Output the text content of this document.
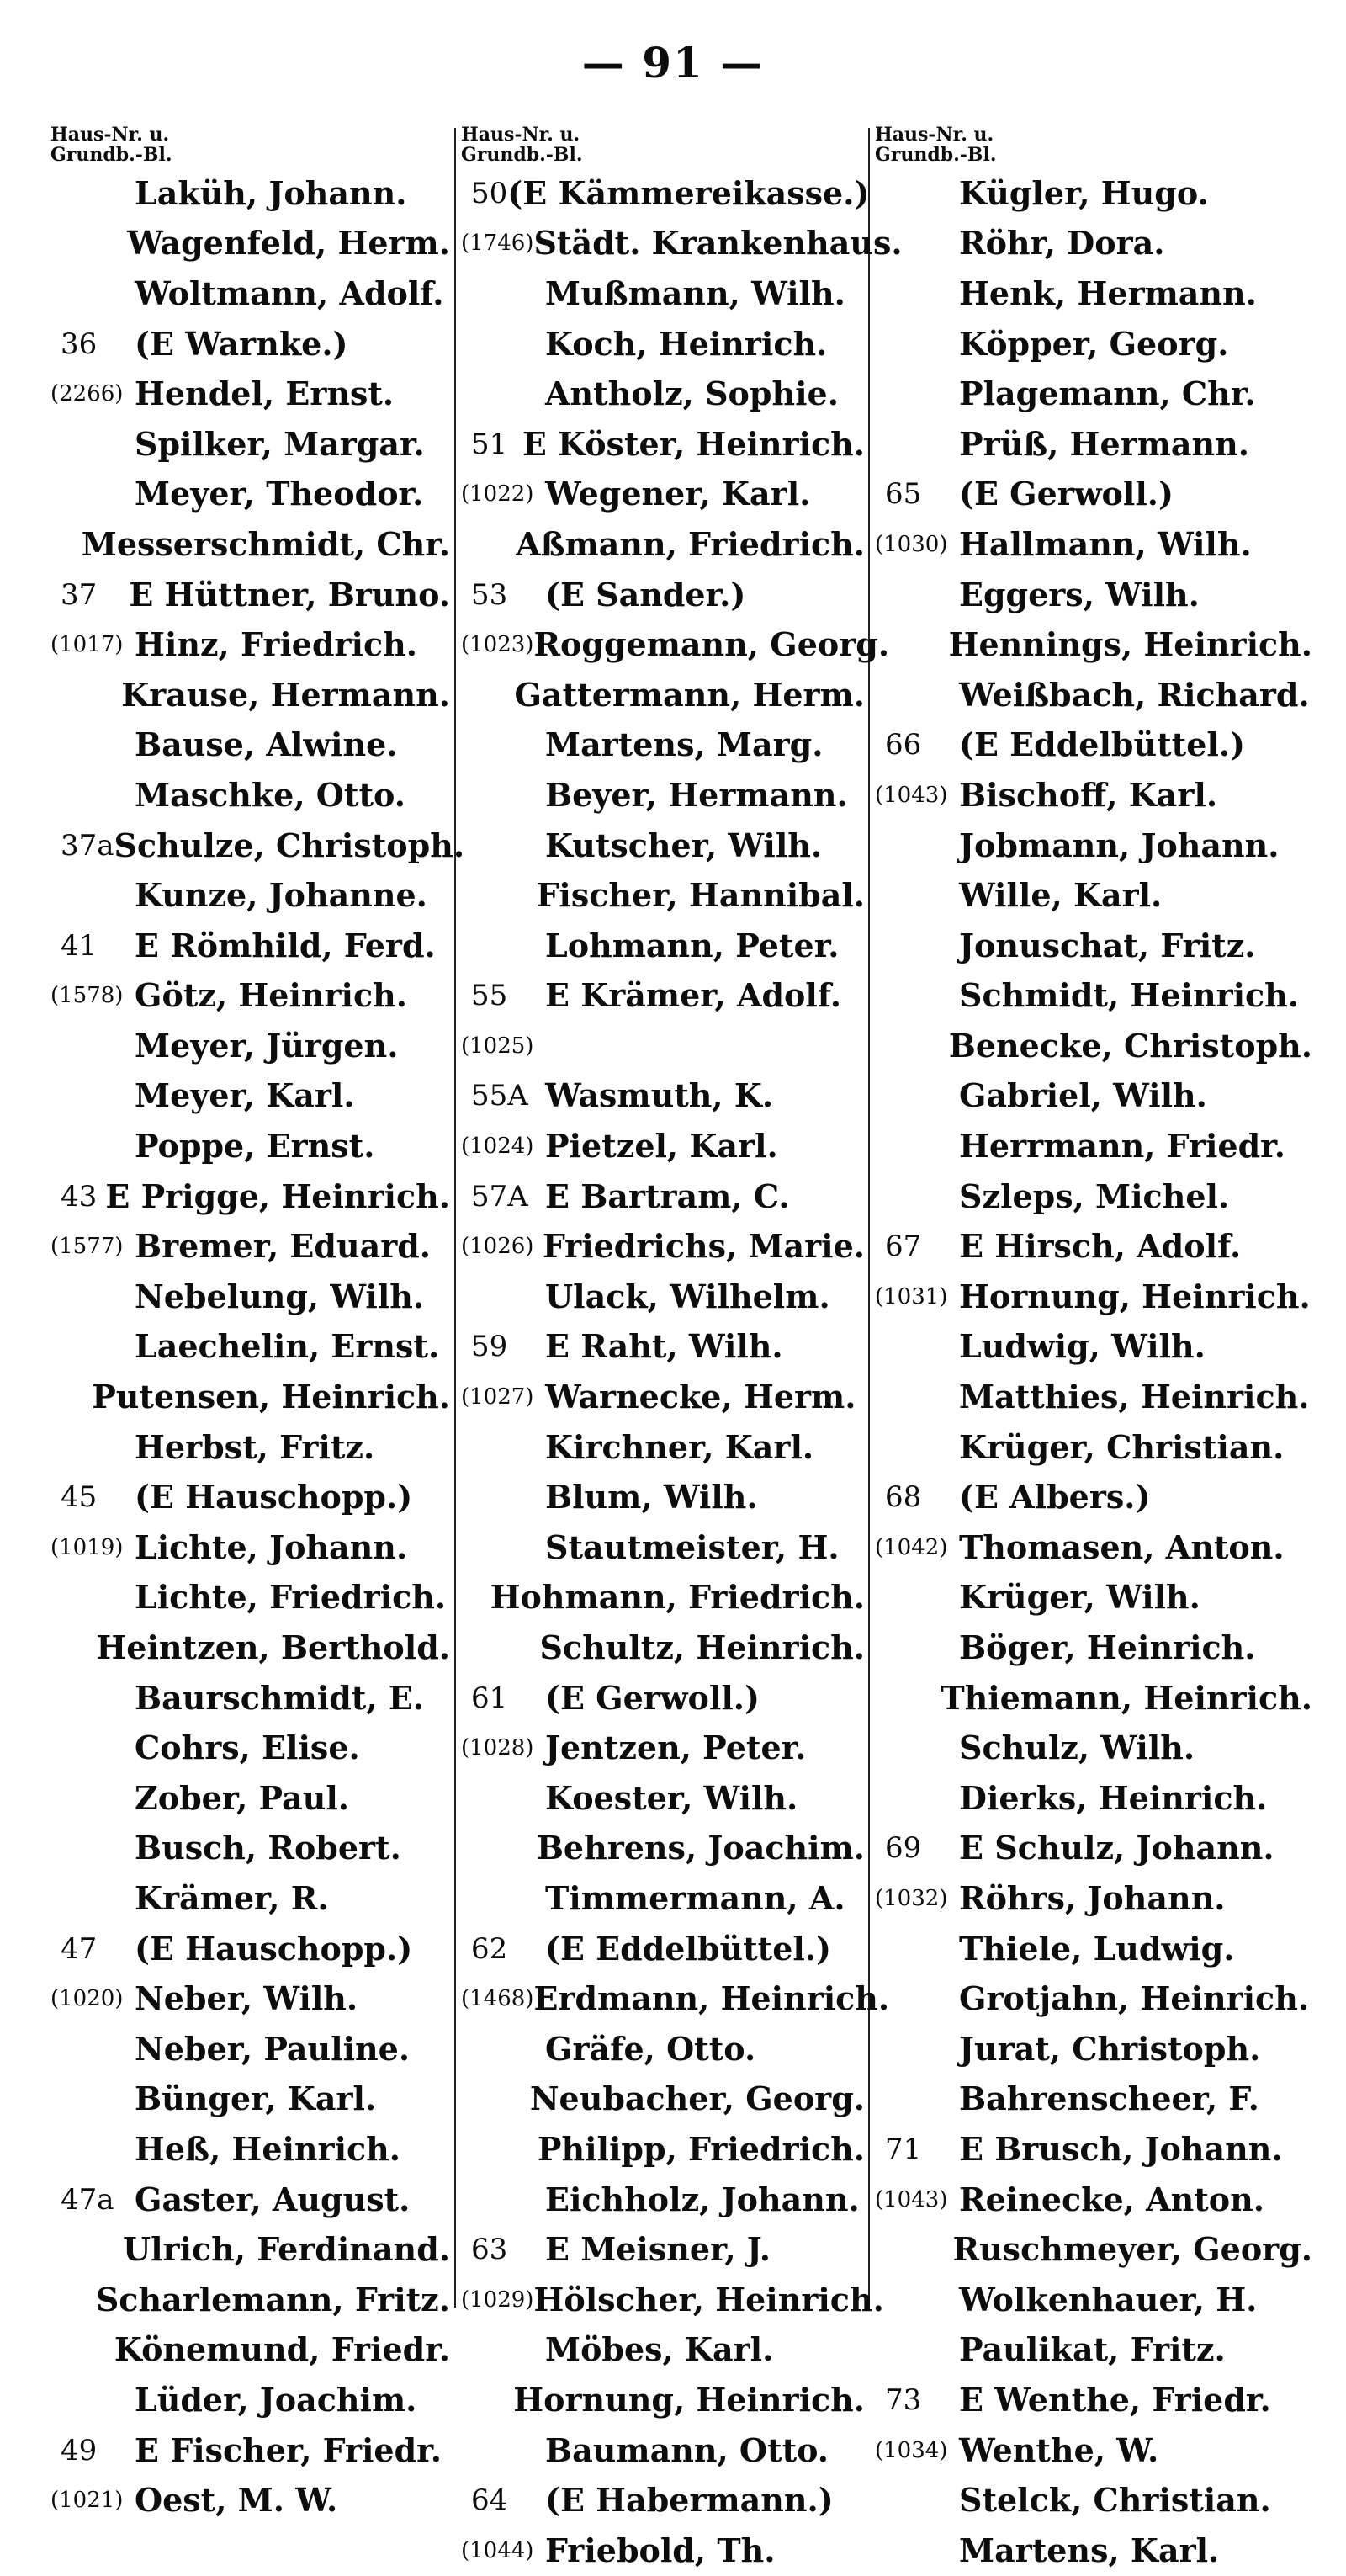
— 91 —
Haus-Nr. u.
Grundb.-Bl.
Laküh, Johann.
Wagenfeld, Herm.
Woltmann, Adolf.
36	(E Warnke.)
(2266) Hendel, Ernst.
Spilker, Margar.
Meyer, Theodor.
Messerschmidt, Chr.
37	E Hüttner, Bruno.
(1017) Hinz, Friedrich.
Krause, Hermann.
Bause, Alwine.
Maschke, Otto.
37a Schulze, Christoph.
Kunze, Johanne.
41	E Römhild, Ferd.
(1578) Götz, Heinrich.
Meyer, Jürgen.
Meyer, Karl.
Poppe, Ernst.
43 E Prigge, Heinrich.
(1577) Bremer, Eduard.
Nebelung, Wilh.
Laechelin, Ernst.
Putensen, Heinrich.
Herbst, Fritz.
45	(E Hauschopp.)
(1019) Lichte, Johann.
Lichte, Friedrich.
Heintzen, Berthold.
Baurschmidt, E.
Cohrs, Elise.
Zober, Paul.
Busch, Robert.
Krämer, R.
47	(E Hauschopp.)
(1020) Neber, Wilh.
Neber, Pauline.
Bünger, Karl.
Heß, Heinrich.
47a Gaster, August.
Ulrich, Ferdinand.
Scharlemann, Fritz.
Könemund, Friedr.
Lüder, Joachim.
49	E Fischer, Friedr.
(1021) Oest, M. W.
Haus-Nr. u.
Grundb.-Bl.
50 (E Kämmereikasse.)
(1746) Städt. Krankenhaus.
Mußmann, Wilh.
Koch, Heinrich.
Antholz, Sophie.
51 E Köster, Heinrich.
(1022) Wegener, Karl.
Aßmann, Friedrich.
53	(E Sander.)
(1023) Roggemann, Georg.
Gattermann, Herm.
Martens, Marg.
Beyer, Hermann.
Kutscher, Wilh.
Fischer, Hannibal.
Lohmann, Peter.
55	E Krämer, Adolf.
(1025)
55A Wasmuth, K.
(1024) Pietzel, Karl.
57A E Bartram, C.
(1026) Friedrichs, Marie.
Ulack, Wilhelm.
59	E Raht, Wilh.
(1027) Warnecke, Herm.
Kirchner, Karl.
Blum, Wilh.
Stautmeister, H.
Hohmann, Friedrich.
Schultz, Heinrich.
61	(E Gerwoll.)
(1028) Jentzen, Peter.
Koester, Wilh.
Behrens, Joachim.
Timmermann, A.
62	(E Eddelbüttel.)
(1468) Erdmann, Heinrich.
Gräfe, Otto.
Neubacher, Georg.
Philipp, Friedrich.
Eichholz, Johann.
63	E Meisner, J.
(1029) Hölscher, Heinrich.
Möbes, Karl.
Hornung, Heinrich.
Baumann, Otto.
64	(E Habermann.)
(1044) Friebold, Th.
Haus-Nr. u.
Grundb.-Bl.
Kügler, Hugo.
Röhr, Dora.
Henk, Hermann.
Köpper, Georg.
Plagemann, Chr.
Prüß, Hermann.
65	(E Gerwoll.)
(1030) Hallmann, Wilh.
Eggers, Wilh.
Hennings, Heinrich.
Weißbach, Richard.
66	(E Eddelbüttel.)
(1043) Bischoff, Karl.
Jobmann, Johann.
Wille, Karl.
Jonuschat, Fritz.
Schmidt, Heinrich.
Benecke, Christoph.
Gabriel, Wilh.
Herrmann, Friedr.
Szleps, Michel.
67	E Hirsch, Adolf.
(1031) Hornung, Heinrich.
Ludwig, Wilh.
Matthies, Heinrich.
Krüger, Christian.
68	(E Albers.)
(1042) Thomasen, Anton.
Krüger, Wilh.
Böger, Heinrich.
Thiemann, Heinrich.
Schulz, Wilh.
Dierks, Heinrich.
69	E Schulz, Johann.
(1032) Röhrs, Johann.
Thiele, Ludwig.
Grotjahn, Heinrich.
Jurat, Christoph.
Bahrenscheer, F.
71	E Brusch, Johann.
(1043) Reinecke, Anton.
Ruschmeyer, Georg.
Wolkenhauer, H.
Paulikat, Fritz.
73	E Wenthe, Friedr.
(1034) Wenthe, W.
Stelck, Christian.
Martens, Karl.
